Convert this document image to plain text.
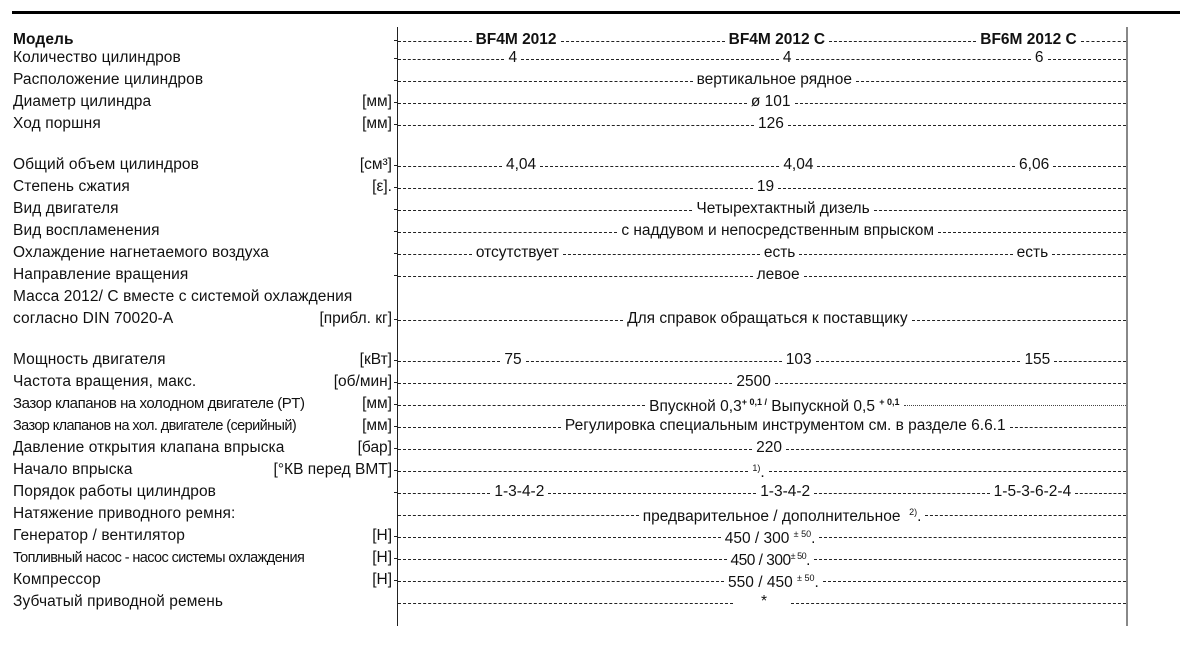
Модель	BF4M 2012	BF4M 2012 C	BF6M 2012 C
Количество цилиндров	4	4	6
Расположение цилиндров	вертикальное рядное
Диаметр цилиндра	[мм]	ø 101
Ход поршня	[мм]	126
Общий объем цилиндров	[см³]	4,04	4,04	6,06
Степень сжатия	[ε].	19
Вид двигателя	Четырехтактный дизель
Вид воспламенения	с наддувом и непосредственным впрыском
Охлаждение нагнетаемого воздуха	отсутствует	есть	есть
Направление вращения	левое
Масса 2012/ C вместе с системой охлаждения
согласно DIN 70020-A	[прибл. кг]	Для справок обращаться к поставщику
Мощность двигателя	[кВт]	75	103	155
Частота вращения, макс.	[об/мин]	2500
Зазор клапанов на холодном двигателе (PT)	[мм]	Впускной $0,3^{+ 0,1 /}$ Выпускной 0,5 $^{+ 0,1}$
Зазор клапанов на хол. двигателе (серийный)	[мм]	Регулировка специальным инструментом см. в разделе 6.6.1
Давление открытия клапана впрыска	[бар]	220
Начало впрыска	[°КВ перед ВМТ]	$^{1)}$.
Порядок работы цилиндров	1-3-4-2	1-3-4-2	1-5-3-6-2-4
Натяжение приводного ремня:	предварительное / дополнительное $^{2)}$.
Генератор / вентилятор	[Н]	450 / 300 $^{\pm 50}$.
Топливный насос - насос системы охлаждения	[Н]	$450 / 300^{\pm 50}$.
Компрессор	[Н]	550 / 450 $^{\pm 50}$.
Зубчатый приводной ремень	*
